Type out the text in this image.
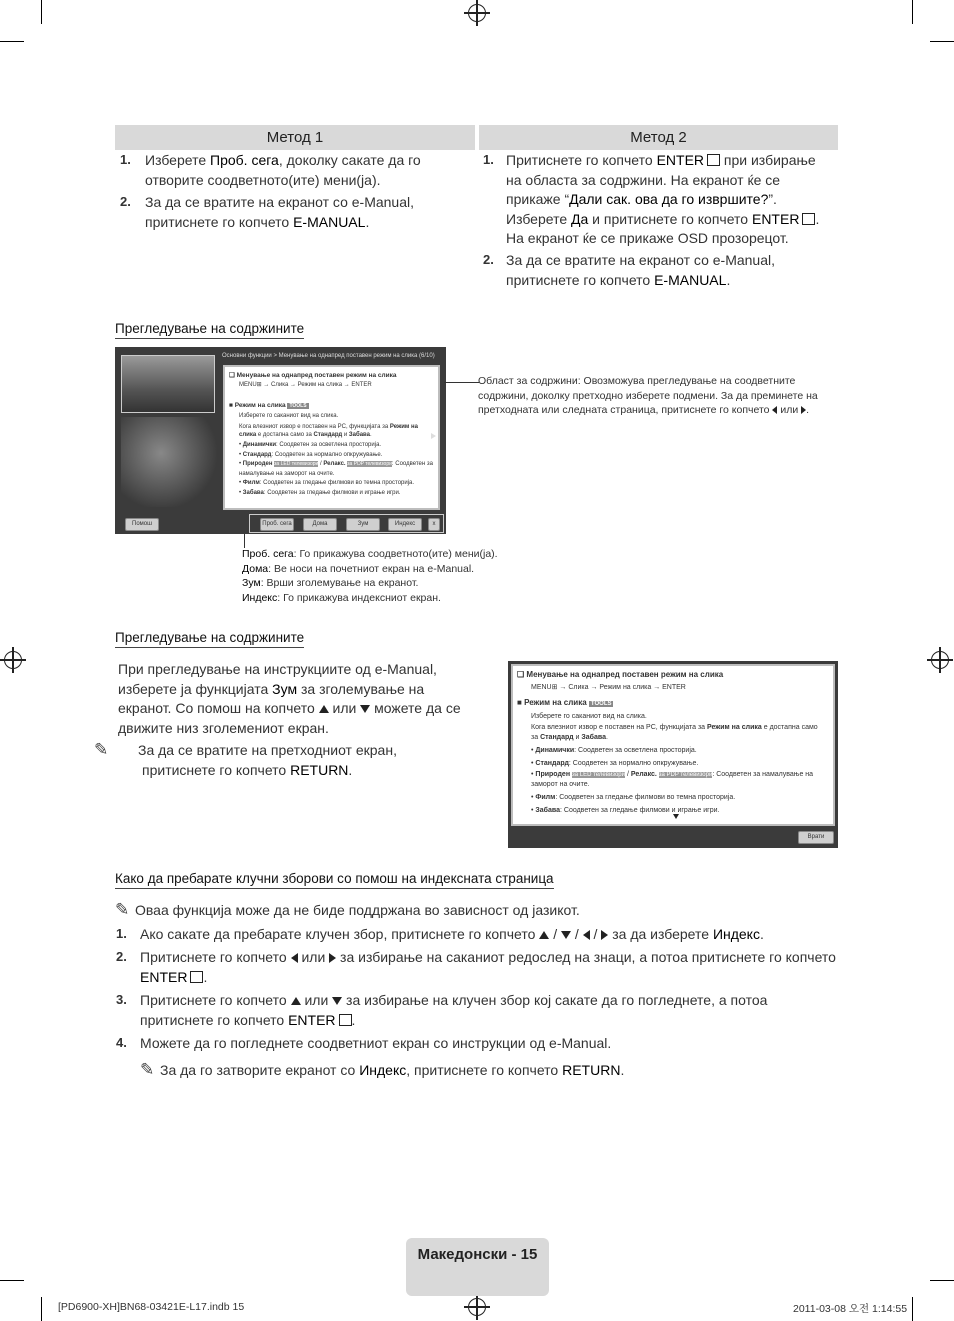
Метод 1	Метод 2
1. Изберете Проб. сега, доколку сакате да го отворите соодветното(ите) мени(ја).
2. За да се вратите на екранот со e-Manual, притиснете го копчето E-MANUAL.
1. Притиснете го копчето ENTER при избирање на областа за содржини. На екранот ќе се прикаже “Дали сак. ова да го извршите?”. Изберете Да и притиснете го копчето ENTER . На екранот ќе се прикаже OSD прозорецот.
2. За да се вратите на екранот со e-Manual, притиснете го копчето E-MANUAL.
Прегледување на содржините
Основни функции > Менување на однапред поставен режим на слика (6/10)
❑ Менување на однапред поставен режим на слика
MENU⊞ → Слика → Режим на слика → ENTER
■ Режим на слика TOOLS
Изберете го саканиот вид на слика.
Кога влезниот извор е поставен на PC, функцијата за Режим на слика е достапна само за Стандард и Забава.
• Динамички: Соодветен за осветлена просторија.
• Стандард: Соодветен за нормално опкружување.
• Природен за LED телевизори / Релакс. за PDP телевизори: Соодветен за намалување на заморот на очите.
• Филм: Соодветен за гледање филмови во темна просторија.
• Забава: Соодветен за гледање филмови и играње игри.
Помош	Проб. сега	Дома	Зум	Индекс	x
Област за содржини: Овозможува прегледување на соодветните содржини, доколку претходно изберете подмени. За да преминете на претходната или следната страница, притиснете го копчето  или .
Проб. сега: Го прикажува соодветното(ите) мени(ја).
Дома: Ве носи на почетниот екран на e-Manual.
Зум: Врши зголемување на екранот.
Индекс: Го прикажува индексниот екран.
Прегледување на содржините
При прегледување на инструкциите од e-Manual, изберете ја функцијата Зум за зголемување на екранот. Со помош на копчето  или  можете да се движите низ зголемениот екран.
✎ За да се вратите на претходниот екран, притиснете го копчето RETURN.
❑ Менување на однапред поставен режим на слика
MENU⊞ → Слика → Режим на слика → ENTER
■ Режим на слика TOOLS
Изберете го саканиот вид на слика.
Кога влезниот извор е поставен на PC, функцијата за Режим на слика е достапна само за Стандард и Забава.
• Динамички: Соодветен за осветлена просторија.
• Стандард: Соодветен за нормално опкружување.
• Природен за LED телевизори / Релакс. за PDP телевизори: Соодветен за намалување на заморот на очите.
• Филм: Соодветен за гледање филмови во темна просторија.
• Забава: Соодветен за гледање филмови и играње игри.
Врати
Како да пребарате клучни зборови со помош на индексната страница
✎ Оваа функција може да не биде поддржана во зависност од јазикот.
1. Ако сакате да пребарате клучен збор, притиснете го копчето  /  /  /  за да изберете Индекс.
2. Притиснете го копчето  или  за избирање на саканиот редослед на знаци, а потоа притиснете го копчето ENTER .
3. Притиснете го копчето  или  за избирање на клучен збор кој сакате да го погледнете, а потоа притиснете го копчето ENTER .
4. Можете да го погледнете соодветниот екран со инструкции од e-Manual.
✎ За да го затворите екранот со Индекс, притиснете го копчето RETURN.
Македонски - 15
[PD6900-XH]BN68-03421E-L17.indb 15	2011-03-08 오전 1:14:55
